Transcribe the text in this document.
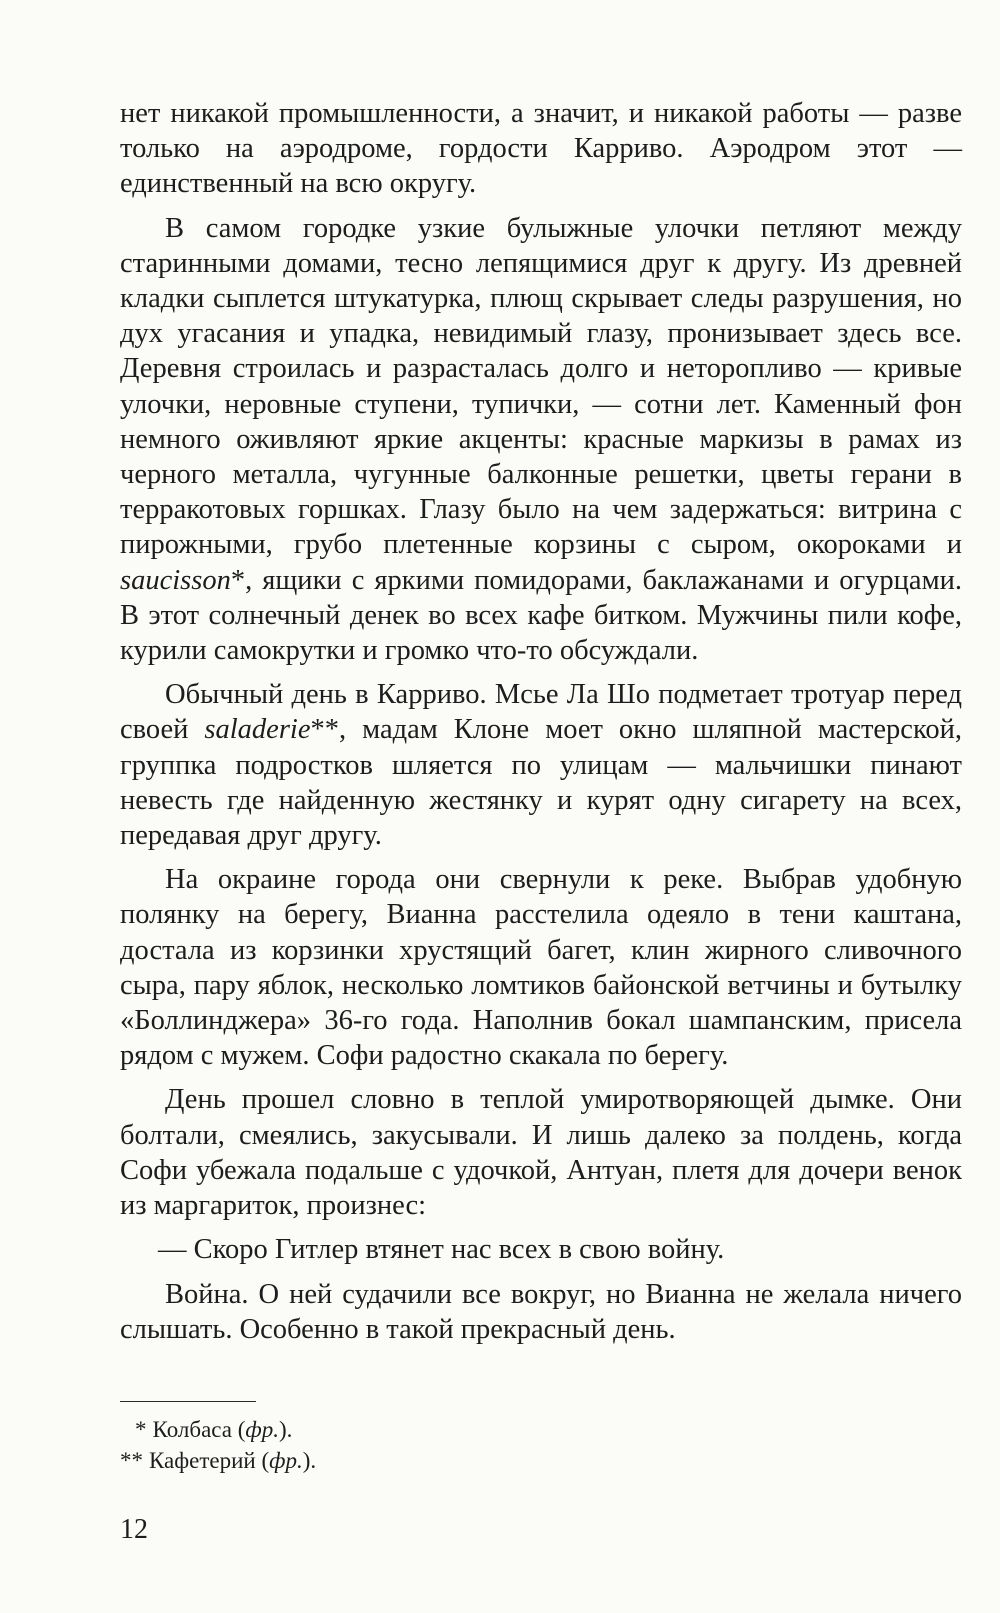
нет никакой промышленности, а значит, и никакой работы — разве только на аэродроме, гордости Карриво. Аэродром этот — единственный на всю округу.

В самом городке узкие булыжные улочки петляют между старинными домами, тесно лепящимися друг к другу. Из древней кладки сыплется штукатурка, плющ скрывает следы разрушения, но дух угасания и упадка, невидимый глазу, пронизывает здесь все. Деревня строилась и разрасталась долго и неторопливо — кривые улочки, неровные ступени, тупички, — сотни лет. Каменный фон немного оживляют яркие акценты: красные маркизы в рамах из черного металла, чугунные балконные решетки, цветы герани в терракотовых горшках. Глазу было на чем задержаться: витрина с пирожными, грубо плетенные корзины с сыром, окороками и saucisson*, ящики с яркими помидорами, баклажанами и огурцами. В этот солнечный денек во всех кафе битком. Мужчины пили кофе, курили самокрутки и громко что-то обсуждали.

Обычный день в Карриво. Мсье Ла Шо подметает тротуар перед своей saladerie**, мадам Клоне моет окно шляпной мастерской, группка подростков шляется по улицам — мальчишки пинают невесть где найденную жестянку и курят одну сигарету на всех, передавая друг другу.

На окраине города они свернули к реке. Выбрав удобную полянку на берегу, Вианна расстелила одеяло в тени каштана, достала из корзинки хрустящий багет, клин жирного сливочного сыра, пару яблок, несколько ломтиков байонской ветчины и бутылку «Боллинджера» 36-го года. Наполнив бокал шампанским, присела рядом с мужем. Софи радостно скакала по берегу.

День прошел словно в теплой умиротворяющей дымке. Они болтали, смеялись, закусывали. И лишь далеко за полдень, когда Софи убежала подальше с удочкой, Антуан, плетя для дочери венок из маргариток, произнес:

— Скоро Гитлер втянет нас всех в свою войну.

Война. О ней судачили все вокруг, но Вианна не желала ничего слышать. Особенно в такой прекрасный день.

* Колбаса (фр.).

** Кафетерий (фр.).

12
